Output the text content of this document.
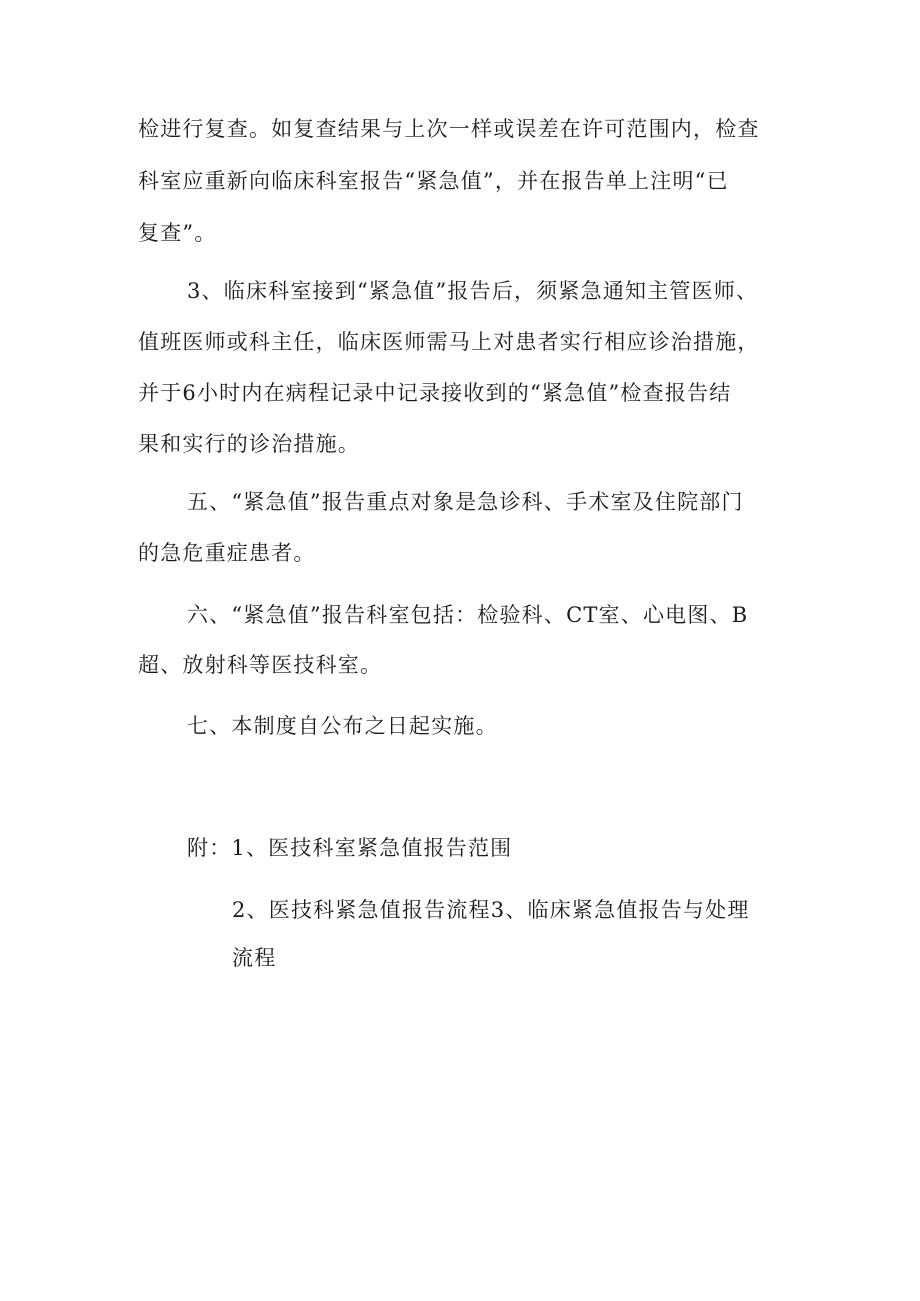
检进行复查。如复查结果与上次一样或误差在许可范围内，检查
科室应重新向临床科室报告“紧急值”，并在报告单上注明“已
复查”。
3、临床科室接到“紧急值”报告后，须紧急通知主管医师、
值班医师或科主任，临床医师需马上对患者实行相应诊治措施，
并于6小时内在病程记录中记录接收到的“紧急值”检查报告结
果和实行的诊治措施。
五、“紧急值”报告重点对象是急诊科、手术室及住院部门
的急危重症患者。
六、“紧急值”报告科室包括：检验科、CT室、心电图、B
超、放射科等医技科室。
七、本制度自公布之日起实施。
附：1、医技科室紧急值报告范围
2、医技科紧急值报告流程3、临床紧急值报告与处理
流程
